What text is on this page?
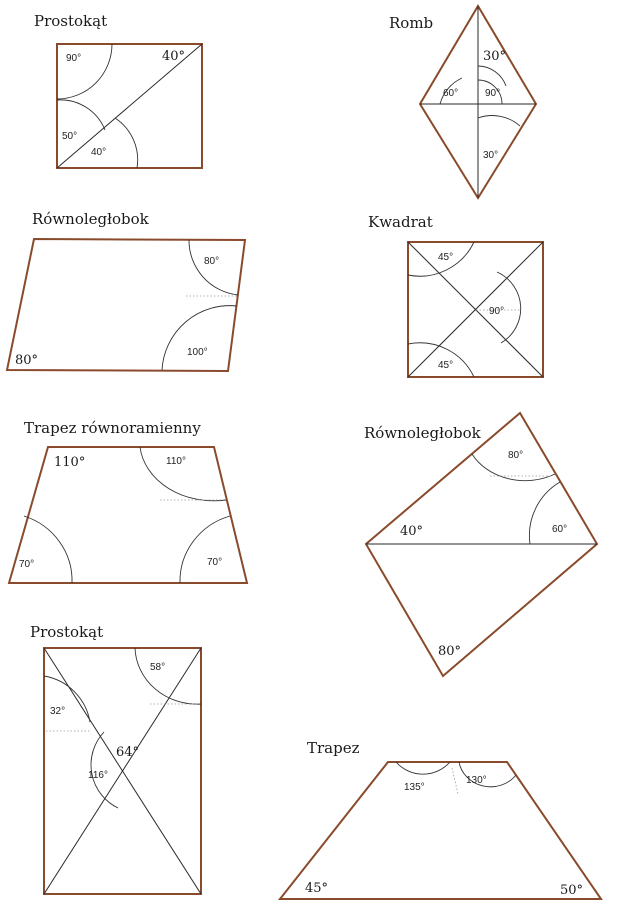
Prostokąt
90°	40°
50°
40°
Romb
30°
60°	90°
30°
Równoległobok
80°
100°
80°
Kwadrat
45°
90°
45°
Trapez równoramienny
110°	110°
70°	70°
Równoległobok
80°
40°	60°
80°
Prostokąt
58°
32°
64°
116°
Trapez
135°
130°
45°	50°
